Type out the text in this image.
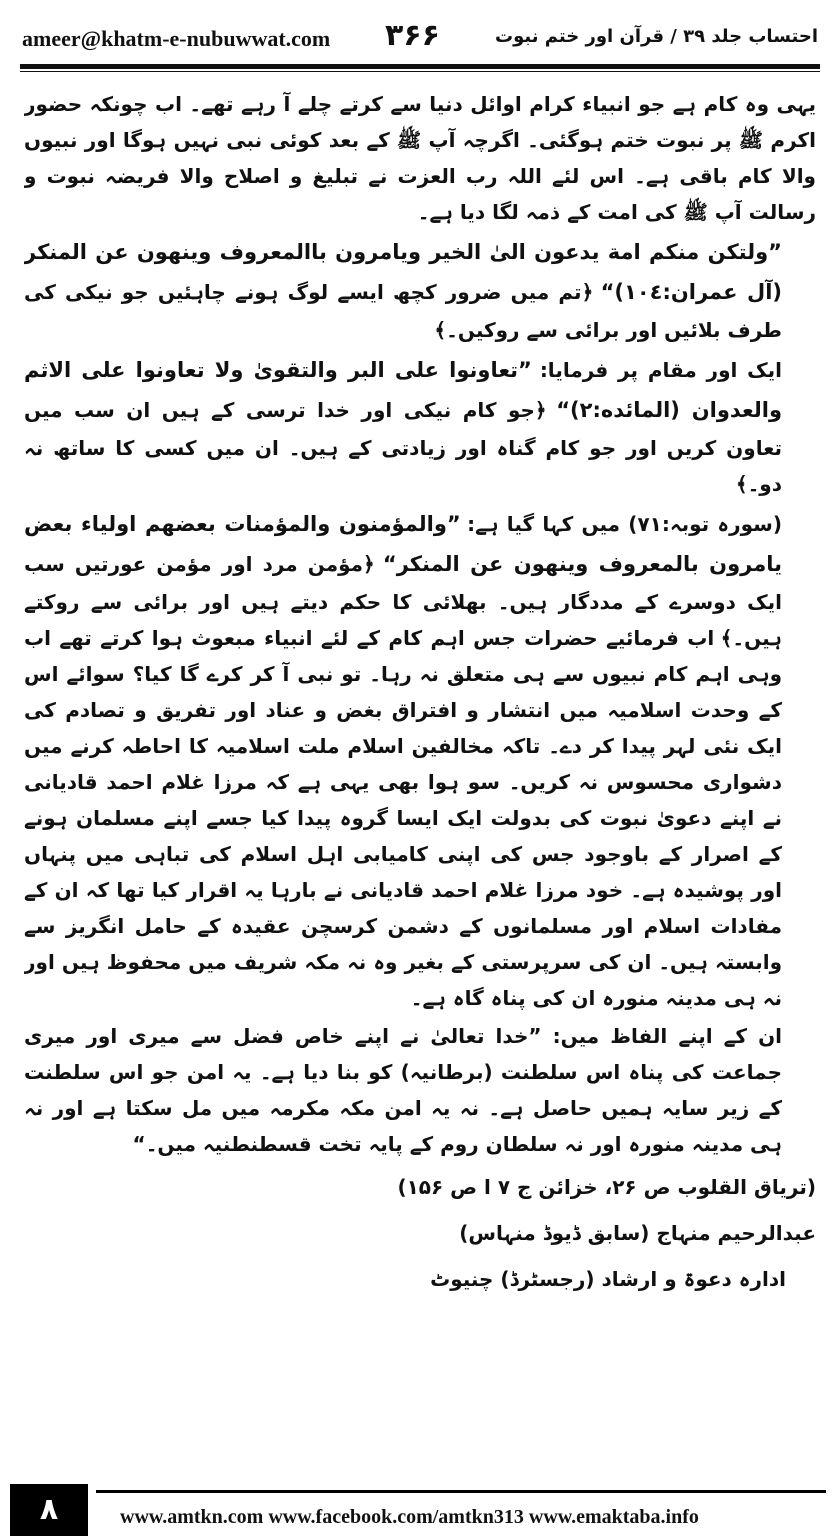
ameer@khatm-e-nubuwwat.com ۳۶۶	احتساب جلد ۳۹ / قرآن اور ختم نبوت

یہی وہ کام ہے جو انبیاء کرام اوائل دنیا سے کرتے چلے آ رہے تھے۔ اب چونکہ حضور اکرم ﷺ پر نبوت ختم ہوگئی۔ اگرچہ آپ ﷺ کے بعد کوئی نبی نہیں ہوگا اور نبیوں والا کام باقی ہے۔ اس لئے اللہ رب العزت نے تبلیغ و اصلاح والا فریضہ نبوت و رسالت آپ ﷺ کی امت کے ذمہ لگا دیا ہے۔

”ولتکن منکم امة یدعون الیٰ الخیر ویامرون باالمعروف وینهون عن المنکر (آل عمران:۱۰٤)“ ﴿تم میں ضرور کچھ ایسے لوگ ہونے چاہئیں جو نیکی کی طرف بلائیں اور برائی سے روکیں۔﴾

ایک اور مقام پر فرمایا: ”تعاونوا علی البر والتقویٰ ولا تعاونوا علی الاثم والعدوان (المائده:۲)“ ﴿جو کام نیکی اور خدا ترسی کے ہیں ان سب میں تعاون کریں اور جو کام گناہ اور زیادتی کے ہیں۔ ان میں کسی کا ساتھ نہ دو۔﴾

(سورہ توبہ:۷۱) میں کہا گیا ہے: ”والمؤمنون والمؤمنات بعضهم اولیاء بعض یامرون بالمعروف وینهون عن المنکر“ ﴿مؤمن مرد اور مؤمن عورتیں سب ایک دوسرے کے مددگار ہیں۔ بھلائی کا حکم دیتے ہیں اور برائی سے روکتے ہیں۔﴾ اب فرمائیے حضرات جس اہم کام کے لئے انبیاء مبعوث ہوا کرتے تھے اب وہی اہم کام نبیوں سے ہی متعلق نہ رہا۔ تو نبی آ کر کرے گا کیا؟ سوائے اس کے وحدت اسلامیہ میں انتشار و افتراق بغض و عناد اور تفریق و تصادم کی ایک نئی لہر پیدا کر دے۔ تاکہ مخالفین اسلام ملت اسلامیہ کا احاطہ کرنے میں دشواری محسوس نہ کریں۔ سو ہوا بھی یہی ہے کہ مرزا غلام احمد قادیانی نے اپنے دعویٰ نبوت کی بدولت ایک ایسا گروہ پیدا کیا جسے اپنے مسلمان ہونے کے اصرار کے باوجود جس کی اپنی کامیابی اہل اسلام کی تباہی میں پنہاں اور پوشیدہ ہے۔ خود مرزا غلام احمد قادیانی نے بارہا یہ اقرار کیا تھا کہ ان کے مفادات اسلام اور مسلمانوں کے دشمن کرسچن عقیدہ کے حامل انگریز سے وابستہ ہیں۔ ان کی سرپرستی کے بغیر وہ نہ مکہ شریف میں محفوظ ہیں اور نہ ہی مدینہ منورہ ان کی پناہ گاہ ہے۔

ان کے اپنے الفاظ میں: ”خدا تعالیٰ نے اپنے خاص فضل سے میری اور میری جماعت کی پناہ اس سلطنت (برطانیہ) کو بنا دیا ہے۔ یہ امن جو اس سلطنت کے زیر سایہ ہمیں حاصل ہے۔ نہ یہ امن مکہ مکرمہ میں مل سکتا ہے اور نہ ہی مدینہ منورہ اور نہ سلطان روم کے پایہ تخت قسطنطنیہ میں۔“

(تریاق القلوب ص ۲۶، خزائن ج ۷ ا ص ۱۵۶)

عبدالرحیم منہاج (سابق ڈیوڈ منہاس)

ادارہ دعوۃ و ارشاد (رجسٹرڈ) چنیوٹ

۸	www.amtkn.com www.facebook.com/amtkn313 www.emaktaba.info
